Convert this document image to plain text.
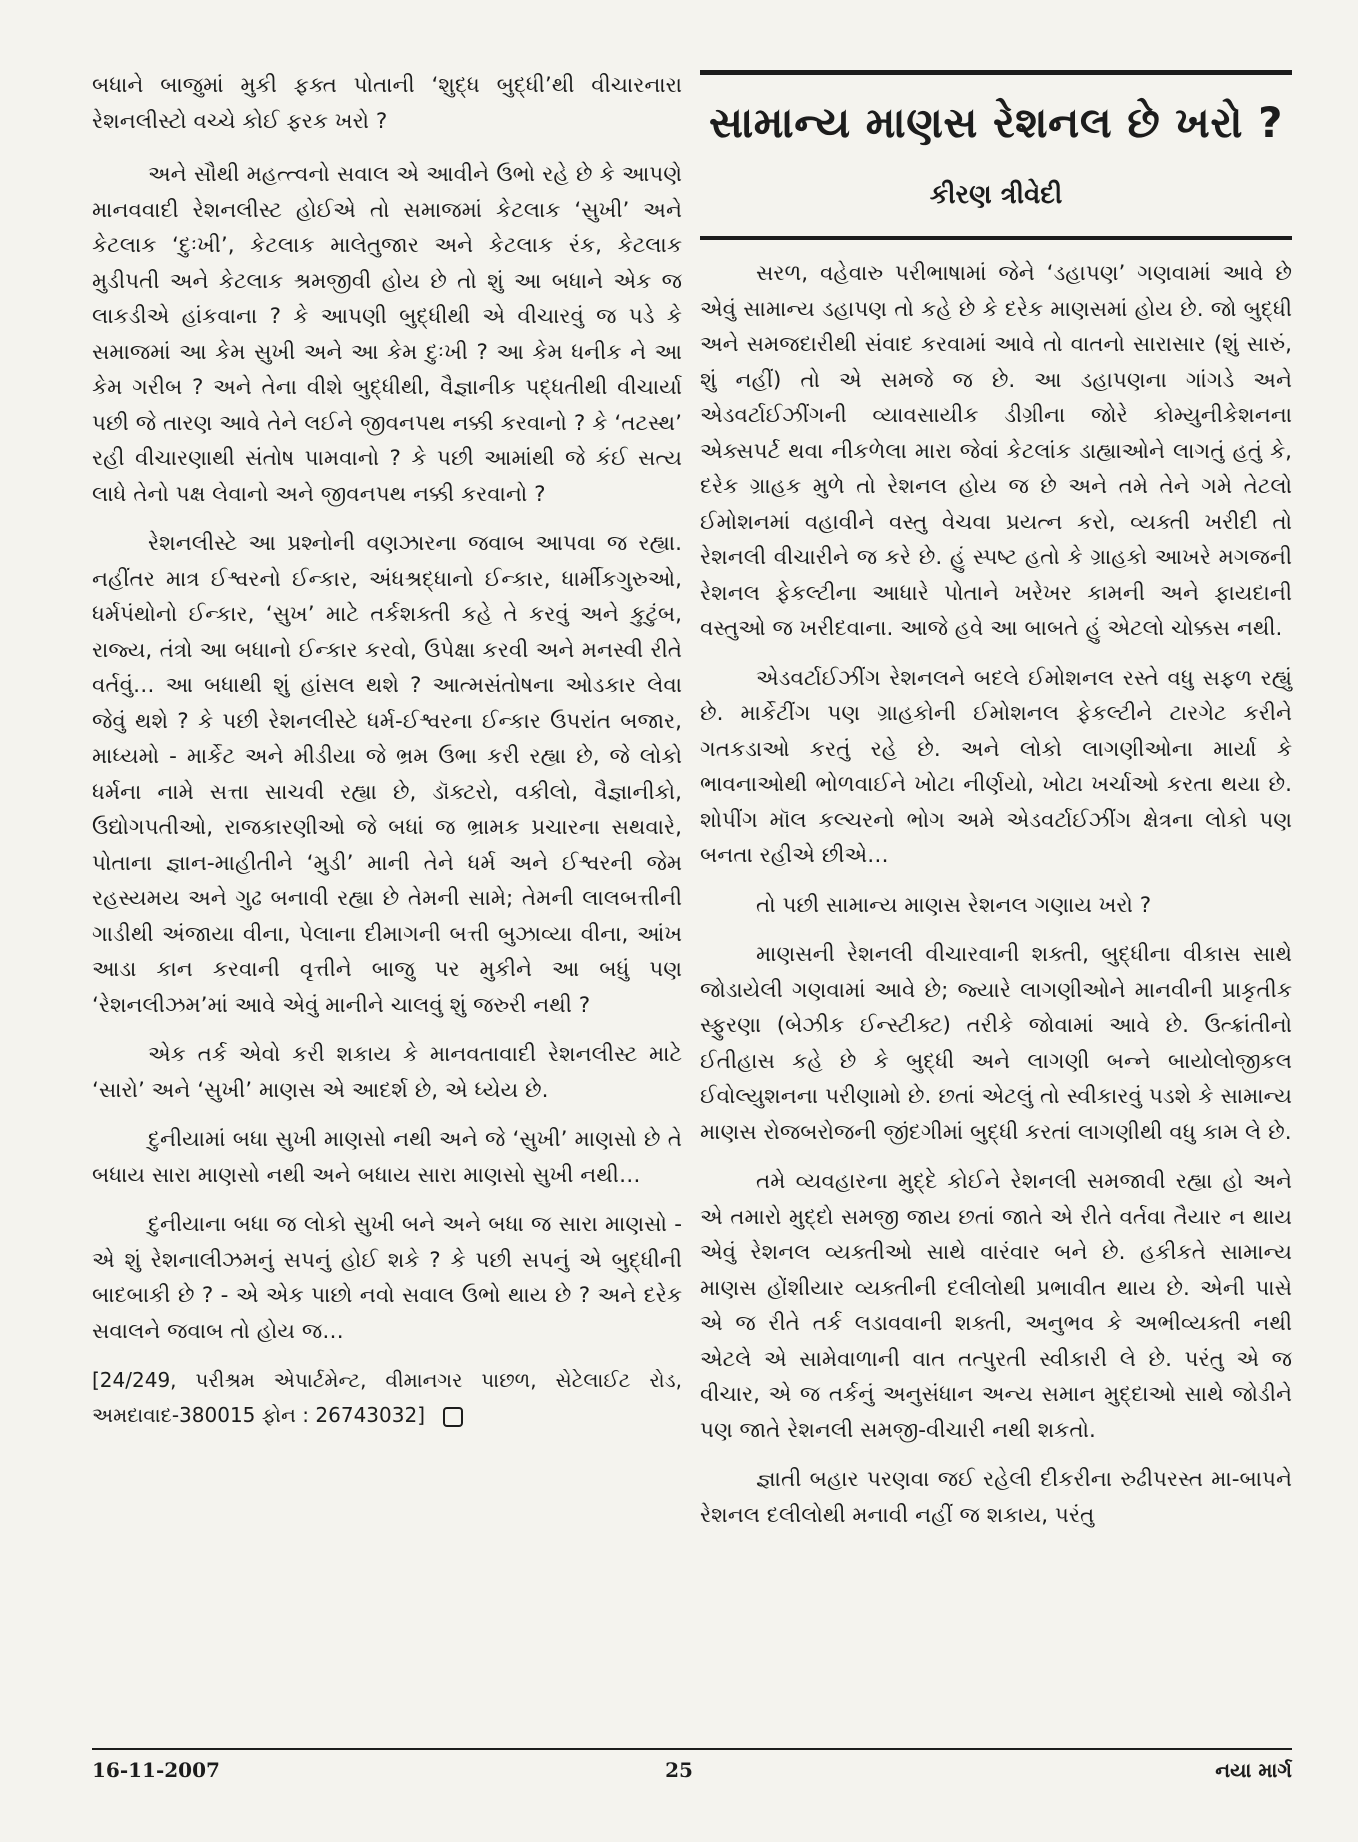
બધાને બાજુમાં મુકી ફક્ત પોતાની ‘શુદ્ધ બુદ્ધી’થી વીચારનારા રેશનલીસ્ટો વચ્ચે કોઈ ફરક ખરો ?

અને સૌથી મહત્ત્વનો સવાલ એ આવીને ઉભો રહે છે કે આપણે માનવવાદી રેશનલીસ્ટ હોઈએ તો સમાજમાં કેટલાક ‘સુખી’ અને કેટલાક ‘દુઃખી’, કેટલાક માલેતુજાર અને કેટલાક રંક, કેટલાક મુડીપતી અને કેટલાક શ્રમજીવી હોય છે તો શું આ બધાને એક જ લાકડીએ હાંકવાના ? કે આપણી બુદ્ધીથી એ વીચારવું જ પડે કે સમાજમાં આ કેમ સુખી અને આ કેમ દુઃખી ? આ કેમ ધનીક ને આ કેમ ગરીબ ? અને તેના વીશે બુદ્ધીથી, વૈજ્ઞાનીક પદ્ધતીથી વીચાર્યા પછી જે તારણ આવે તેને લઈને જીવનપથ નક્કી કરવાનો ? કે ‘તટસ્થ’ રહી વીચારણાથી સંતોષ પામવાનો ? કે પછી આમાંથી જે કંઈ સત્ય લાધે તેનો પક્ષ લેવાનો અને જીવનપથ નક્કી કરવાનો ?

રેશનલીસ્ટે આ પ્રશ્નોની વણઝારના જવાબ આપવા જ રહ્યા. નહીંતર માત્ર ઈશ્વરનો ઈન્કાર, અંધશ્રદ્ધાનો ઈન્કાર, ધાર્મીકગુરુઓ, ધર્મપંથોનો ઈન્કાર, ‘સુખ’ માટે તર્કશક્તી કહે તે કરવું અને કુટુંબ, રાજ્ય, તંત્રો આ બધાનો ઈન્કાર કરવો, ઉપેક્ષા કરવી અને મનસ્વી રીતે વર્તવું… આ બધાથી શું હાંસલ થશે ? આત્મસંતોષના ઓડકાર લેવા જેવું થશે ? કે પછી રેશનલીસ્ટે ધર્મ-ઈશ્વરના ઈન્કાર ઉપરાંત બજાર, માધ્યમો - માર્કેટ અને મીડીયા જે ભ્રમ ઉભા કરી રહ્યા છે, જે લોકો ધર્મના નામે સત્તા સાચવી રહ્યા છે, ડૉક્ટરો, વકીલો, વૈજ્ઞાનીકો, ઉદ્યોગપતીઓ, રાજકારણીઓ જે બધાં જ ભ્રામક પ્રચારના સથવારે, પોતાના જ્ઞાન-માહીતીને ‘મુડી’ માની તેને ધર્મ અને ઈશ્વરની જેમ રહસ્યમય અને ગુઢ બનાવી રહ્યા છે તેમની સામે; તેમની લાલબત્તીની ગાડીથી અંજાયા વીના, પેલાના દીમાગની બત્તી બુઝાવ્યા વીના, આંખ આડા કાન કરવાની વૃત્તીને બાજુ પર મુકીને આ બધું પણ ‘રેશનલીઝમ’માં આવે એવું માનીને ચાલવું શું જરુરી નથી ?

એક તર્ક એવો કરી શકાય કે માનવતાવાદી રેશનલીસ્ટ માટે ‘સારો’ અને ‘સુખી’ માણસ એ આદર્શ છે, એ ધ્યેય છે.

દુનીયામાં બધા સુખી માણસો નથી અને જે ‘સુખી’ માણસો છે તે બધાય સારા માણસો નથી અને બધાય સારા માણસો સુખી નથી…

દુનીયાના બધા જ લોકો સુખી બને અને બધા જ સારા માણસો - એ શું રેશનાલીઝમનું સપનું હોઈ શકે ? કે પછી સપનું એ બુદ્ધીની બાદબાકી છે ? - એ એક પાછો નવો સવાલ ઉભો થાય છે ? અને દરેક સવાલને જવાબ તો હોય જ…

[24/249, પરીશ્રમ એપાર્ટમેન્ટ, વીમાનગર પાછળ, સેટેલાઈટ રોડ, અમદાવાદ-380015 ફોન : 26743032]

સામાન્ય માણસ રેશનલ છે ખરો ?
કીરણ ત્રીવેદી

સરળ, વહેવારુ પરીભાષામાં જેને ‘ડહાપણ’ ગણવામાં આવે છે એવું સામાન્ય ડહાપણ તો કહે છે કે દરેક માણસમાં હોય છે. જો બુદ્ધી અને સમજદારીથી સંવાદ કરવામાં આવે તો વાતનો સારાસાર (શું સારું, શું નહીં) તો એ સમજે જ છે. આ ડહાપણના ગાંગડે અને એડવર્ટાઈઝીંગની વ્યાવસાયીક ડીગ્રીના જોરે કોમ્યુનીકેશનના એક્સપર્ટ થવા નીકળેલા મારા જેવાં કેટલાંક ડાહ્યાઓને લાગતું હતું કે, દરેક ગ્રાહક મુળે તો રેશનલ હોય જ છે અને તમે તેને ગમે તેટલો ઈમોશનમાં વહાવીને વસ્તુ વેચવા પ્રયત્ન કરો, વ્યક્તી ખરીદી તો રેશનલી વીચારીને જ કરે છે. હું સ્પષ્ટ હતો કે ગ્રાહકો આખરે મગજની રેશનલ ફેકલ્ટીના આધારે પોતાને ખરેખર કામની અને ફાયદાની વસ્તુઓ જ ખરીદવાના. આજે હવે આ બાબતે હું એટલો ચોક્કસ નથી.

એડવર્ટાઈઝીંગ રેશનલને બદલે ઈમોશનલ રસ્તે વધુ સફળ રહ્યું છે. માર્કેટીંગ પણ ગ્રાહકોની ઈમોશનલ ફેકલ્ટીને ટારગેટ કરીને ગતકડાઓ કરતું રહે છે. અને લોકો લાગણીઓના માર્યા કે ભાવનાઓથી ભોળવાઈને ખોટા નીર્ણયો, ખોટા ખર્ચાઓ કરતા થયા છે. શોપીંગ મૉલ કલ્ચરનો ભોગ અમે એડવર્ટાઈઝીંગ ક્ષેત્રના લોકો પણ બનતા રહીએ છીએ…

તો પછી સામાન્ય માણસ રેશનલ ગણાય ખરો ?

માણસની રેશનલી વીચારવાની શક્તી, બુદ્ધીના વીકાસ સાથે જોડાયેલી ગણવામાં આવે છે; જ્યારે લાગણીઓને માનવીની પ્રાકૃતીક સ્ફુરણા (બેઝીક ઈન્સ્ટીક્ટ) તરીકે જોવામાં આવે છે. ઉત્ક્રાંતીનો ઈતીહાસ કહે છે કે બુદ્ધી અને લાગણી બન્ને બાયોલોજીકલ ઈવોલ્યુશનના પરીણામો છે. છતાં એટલું તો સ્વીકારવું પડશે કે સામાન્ય માણસ રોજબરોજની જીંદગીમાં બુદ્ધી કરતાં લાગણીથી વધુ કામ લે છે.

તમે વ્યવહારના મુદ્દે કોઈને રેશનલી સમજાવી રહ્યા હો અને એ તમારો મુદ્દો સમજી જાય છતાં જાતે એ રીતે વર્તવા તૈયાર ન થાય એવું રેશનલ વ્યક્તીઓ સાથે વારંવાર બને છે. હકીકતે સામાન્ય માણસ હોંશીયાર વ્યક્તીની દલીલોથી પ્રભાવીત થાય છે. એની પાસે એ જ રીતે તર્ક લડાવવાની શક્તી, અનુભવ કે અભીવ્યક્તી નથી એટલે એ સામેવાળાની વાત તત્પુરતી સ્વીકારી લે છે. પરંતુ એ જ વીચાર, એ જ તર્કનું અનુસંધાન અન્ય સમાન મુદ્દાઓ સાથે જોડીને પણ જાતે રેશનલી સમજી-વીચારી નથી શકતો.

જ્ઞાતી બહાર પરણવા જઈ રહેલી દીકરીના રુઢીપરસ્ત મા-બાપને રેશનલ દલીલોથી મનાવી નહીં જ શકાય, પરંતુ

16-11-2007	25	નયા માર્ગ
